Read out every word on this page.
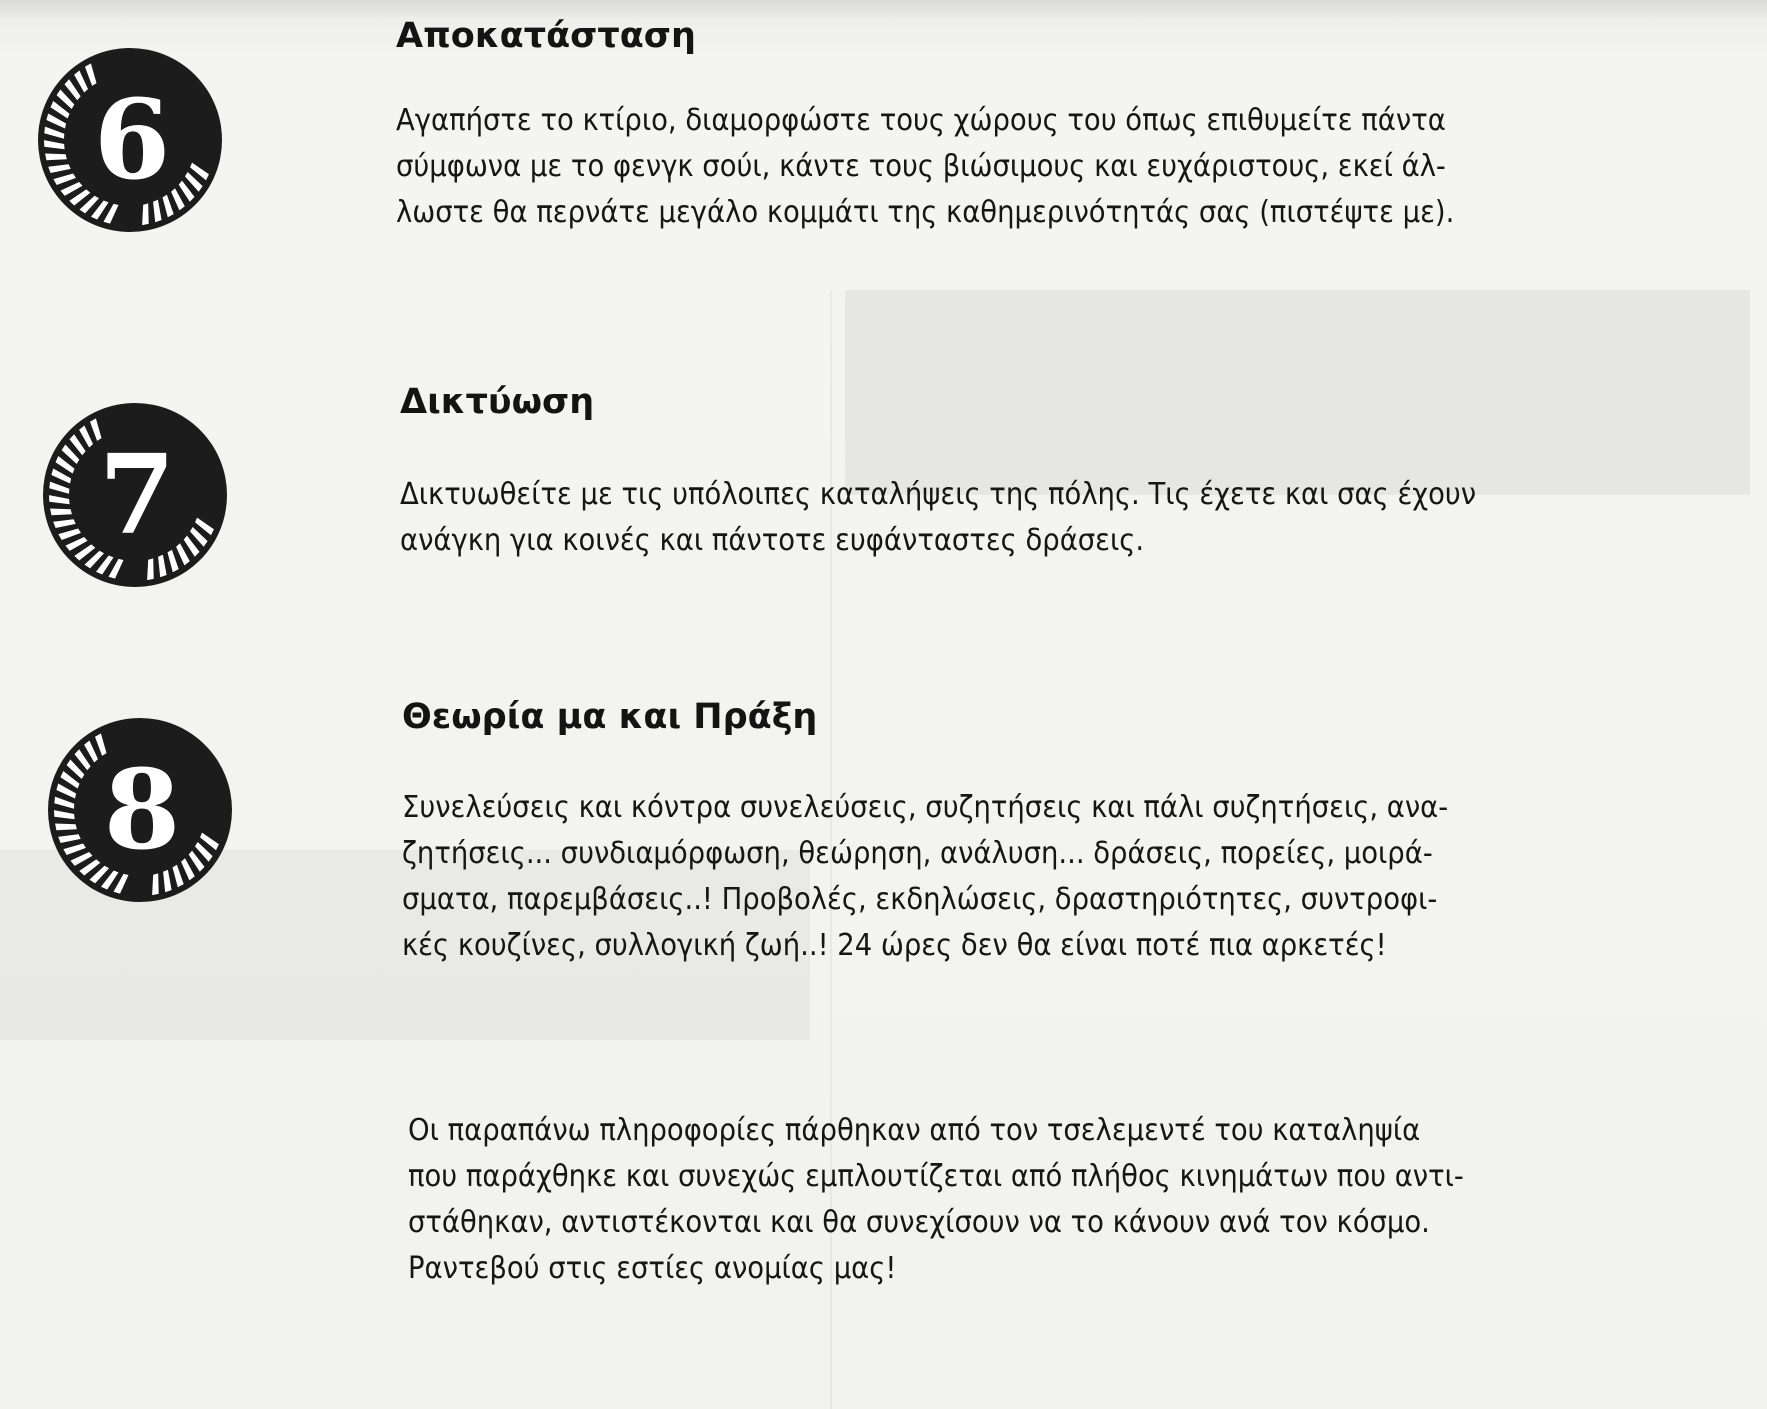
6
Αποκατάσταση

Αγαπήστε το κτίριο, διαμορφώστε τους χώρους του όπως επιθυμείτε πάντα
σύμφωνα με το φενγκ σούι, κάντε τους βιώσιμους και ευχάριστους, εκεί άλ-
λωστε θα περνάτε μεγάλο κομμάτι της καθημερινότητάς σας (πιστέψτε με).

7
Δικτύωση

Δικτυωθείτε με τις υπόλοιπες καταλήψεις της πόλης. Τις έχετε και σας έχουν
ανάγκη για κοινές και πάντοτε ευφάνταστες δράσεις.

8
Θεωρία μα και Πράξη

Συνελεύσεις και κόντρα συνελεύσεις, συζητήσεις και πάλι συζητήσεις, ανα-
ζητήσεις... συνδιαμόρφωση, θεώρηση, ανάλυση... δράσεις, πορείες, μοιρά-
σματα, παρεμβάσεις..! Προβολές, εκδηλώσεις, δραστηριότητες, συντροφι-
κές κουζίνες, συλλογική ζωή..! 24 ώρες δεν θα είναι ποτέ πια αρκετές!

Οι παραπάνω πληροφορίες πάρθηκαν από τον τσελεμεντέ του καταληψία
που παράχθηκε και συνεχώς εμπλουτίζεται από πλήθος κινημάτων που αντι-
στάθηκαν, αντιστέκονται και θα συνεχίσουν να το κάνουν ανά τον κόσμο.
Ραντεβού στις εστίες ανομίας μας!
